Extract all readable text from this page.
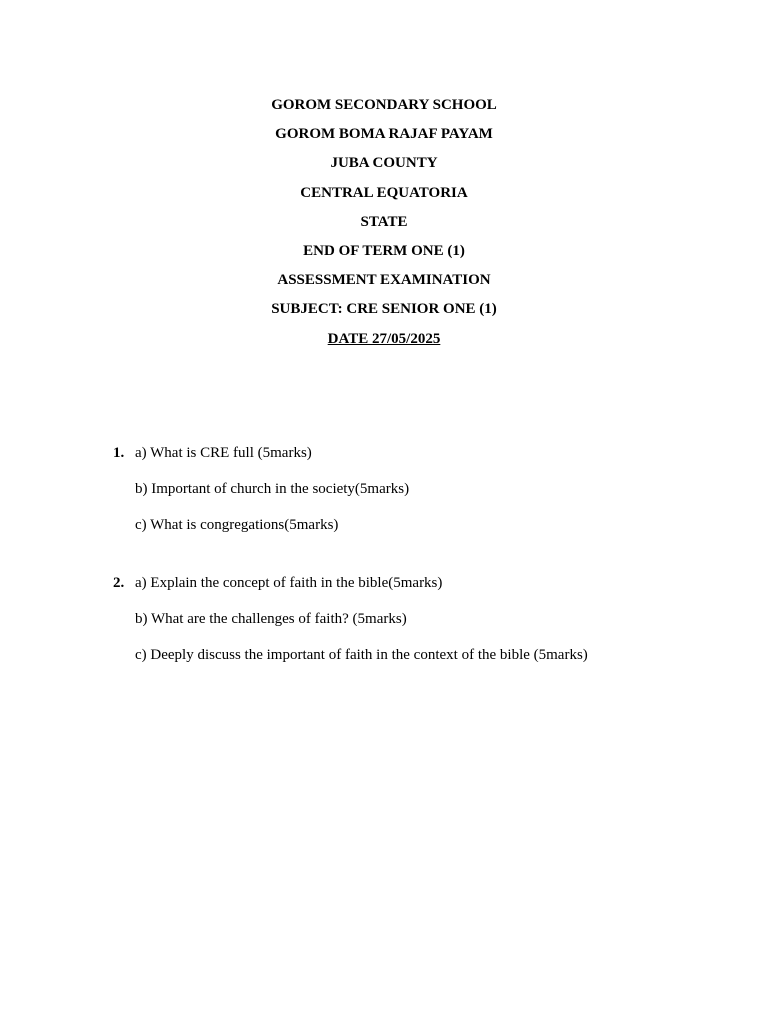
GOROM SECONDARY SCHOOL
GOROM BOMA RAJAF PAYAM
JUBA COUNTY
CENTRAL EQUATORIA
STATE
END OF TERM ONE (1)
ASSESSMENT EXAMINATION
SUBJECT: CRE SENIOR ONE (1)
DATE 27/05/2025
1. a) What is CRE full (5marks)
b) Important of church in the society(5marks)
c) What is congregations(5marks)
2. a) Explain the concept of faith in the bible(5marks)
b) What are the challenges of faith? (5marks)
c) Deeply discuss the important of faith in the context of the bible (5marks)
